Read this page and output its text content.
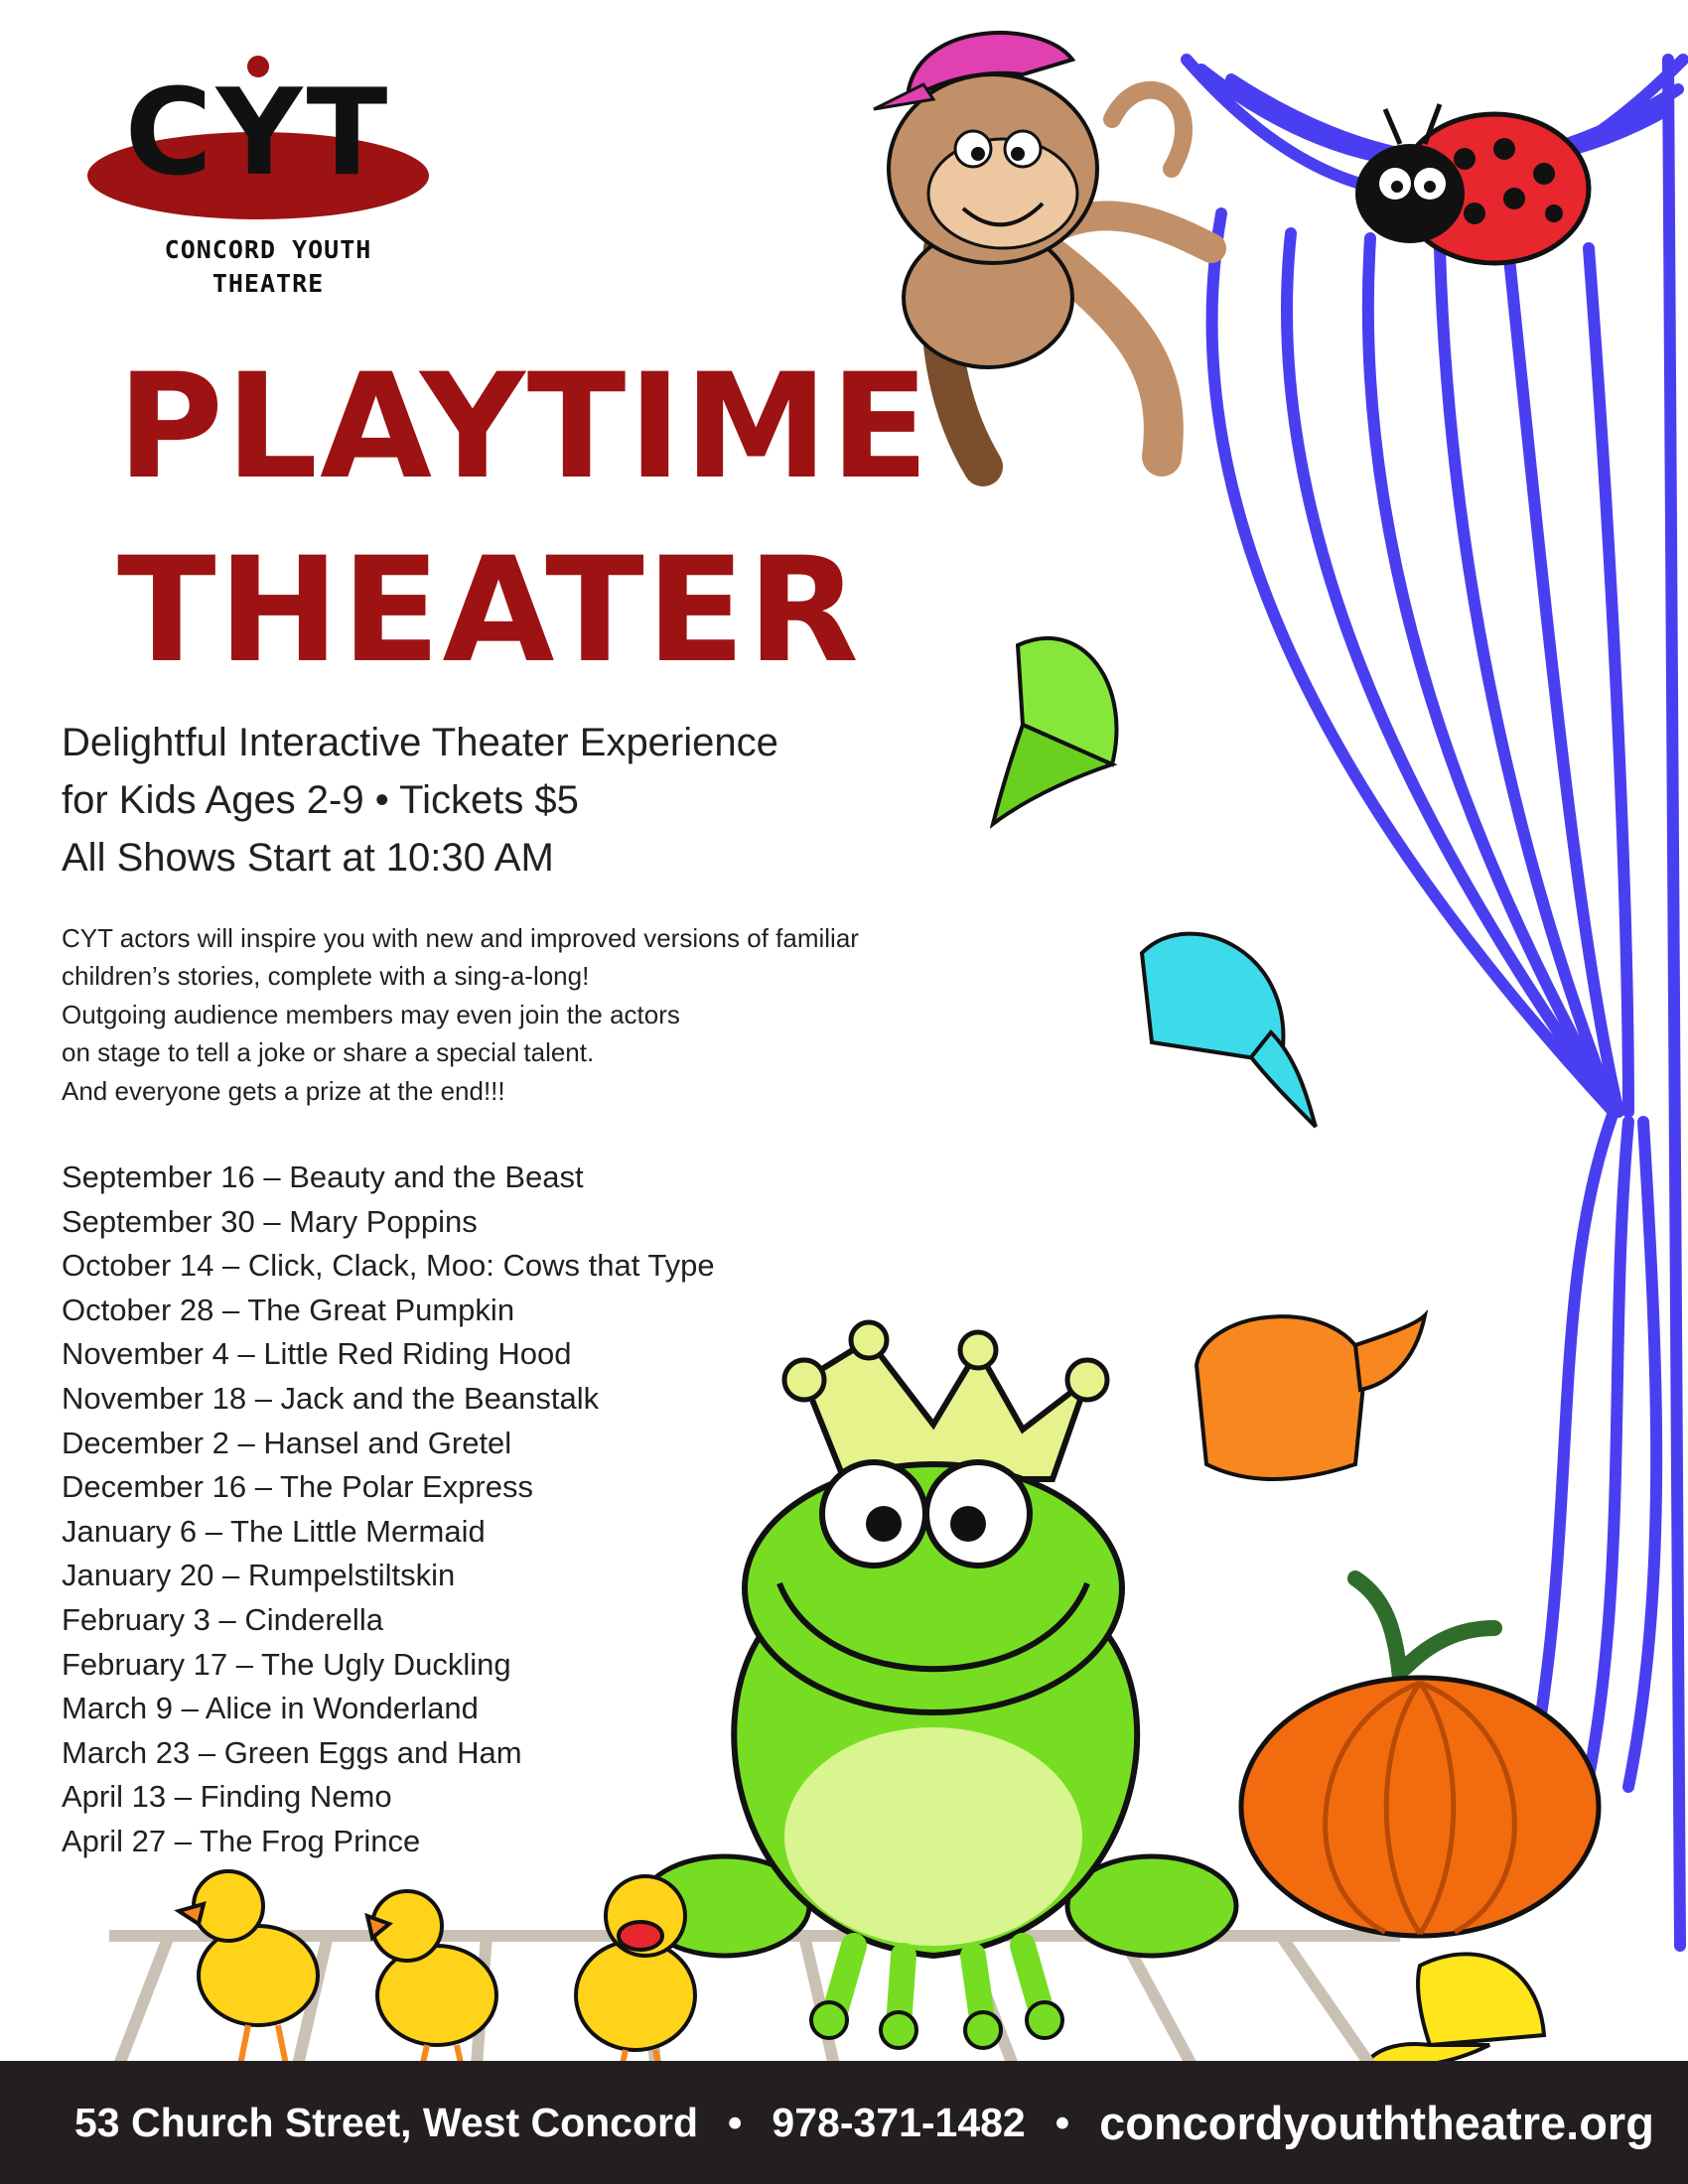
CYT
CONCORD YOUTH
THEATRE
PLAYTIME
THEATER
Delightful Interactive Theater Experience
for Kids Ages 2-9 • Tickets $5
All Shows Start at 10:30 AM
CYT actors will inspire you with new and improved versions of familiar
children’s stories, complete with a sing-a-long!
Outgoing audience members may even join the actors
on stage to tell a joke or share a special talent.
And everyone gets a prize at the end!!!
September 16 – Beauty and the Beast
September 30 – Mary Poppins
October 14 – Click, Clack, Moo: Cows that Type
October 28 – The Great Pumpkin
November 4 – Little Red Riding Hood
November 18 – Jack and the Beanstalk
December 2 – Hansel and Gretel
December 16 – The Polar Express
January 6 – The Little Mermaid
January 20 – Rumpelstiltskin
February 3 – Cinderella
February 17 – The Ugly Duckling
March 9 – Alice in Wonderland
March 23 – Green Eggs and Ham
April 13 – Finding Nemo
April 27 – The Frog Prince
53 Church Street, West Concord • 978-371-1482 • concordyouththeatre.org
